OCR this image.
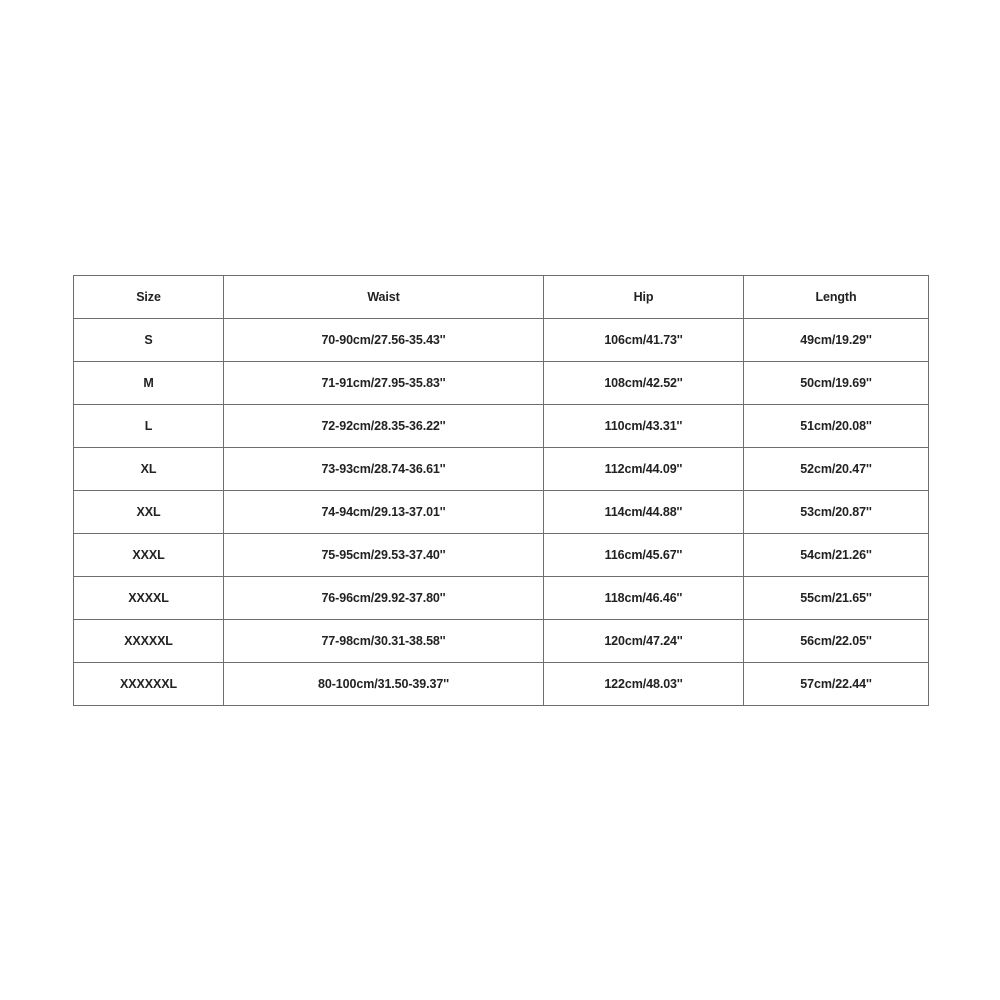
Size	Waist	Hip	Length
S	70-90cm/27.56-35.43''	106cm/41.73''	49cm/19.29''
M	71-91cm/27.95-35.83''	108cm/42.52''	50cm/19.69''
L	72-92cm/28.35-36.22''	110cm/43.31''	51cm/20.08''
XL	73-93cm/28.74-36.61''	112cm/44.09''	52cm/20.47''
XXL	74-94cm/29.13-37.01''	114cm/44.88''	53cm/20.87''
XXXL	75-95cm/29.53-37.40''	116cm/45.67''	54cm/21.26''
XXXXL	76-96cm/29.92-37.80''	118cm/46.46''	55cm/21.65''
XXXXXL	77-98cm/30.31-38.58''	120cm/47.24''	56cm/22.05''
XXXXXXL	80-100cm/31.50-39.37''	122cm/48.03''	57cm/22.44''
